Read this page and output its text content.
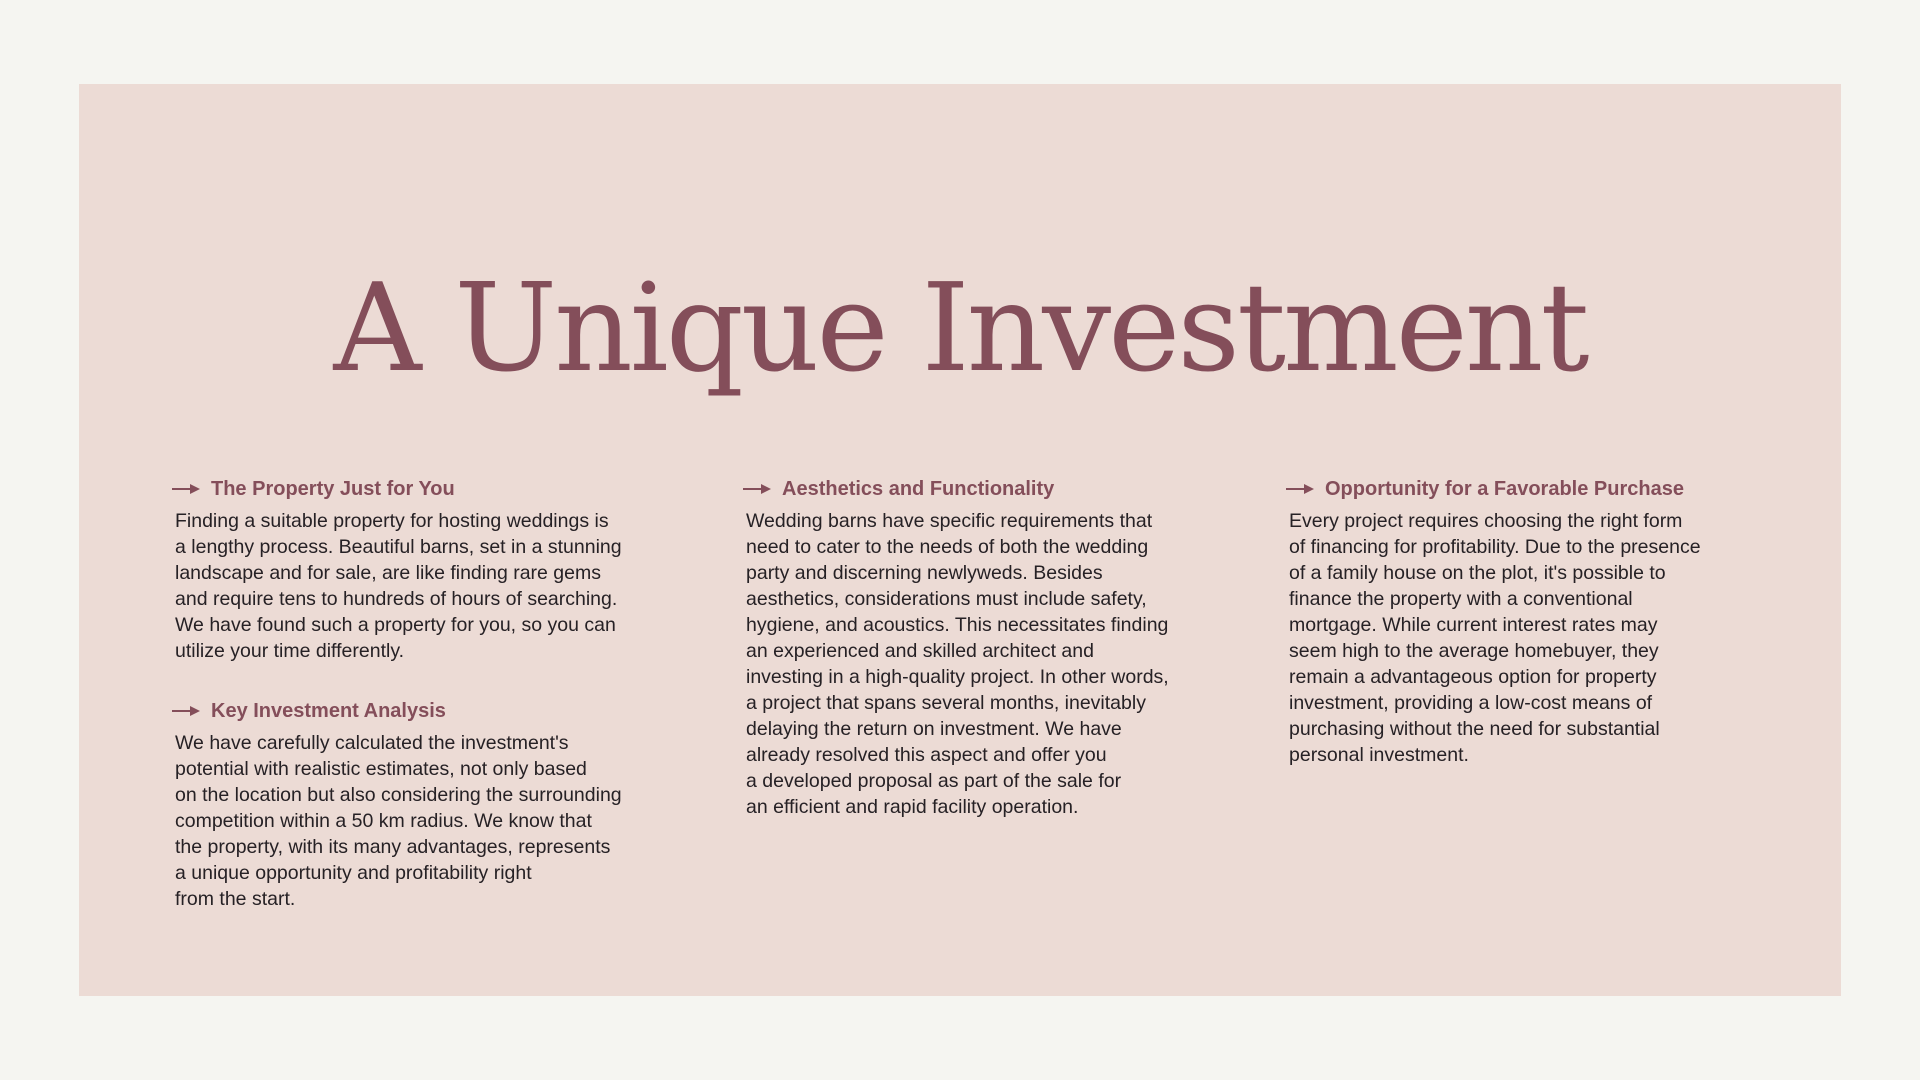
A Unique Investment
The Property Just for You

Finding a suitable property for hosting weddings is
a lengthy process. Beautiful barns, set in a stunning
landscape and for sale, are like finding rare gems
and require tens to hundreds of hours of searching.
We have found such a property for you, so you can
utilize your time differently.

Key Investment Analysis

We have carefully calculated the investment's
potential with realistic estimates, not only based
on the location but also considering the surrounding
competition within a 50 km radius. We know that
the property, with its many advantages, represents
a unique opportunity and profitability right
from the start.

Aesthetics and Functionality

Wedding barns have specific requirements that
need to cater to the needs of both the wedding
party and discerning newlyweds. Besides
aesthetics, considerations must include safety,
hygiene, and acoustics. This necessitates finding
an experienced and skilled architect and
investing in a high-quality project. In other words,
a project that spans several months, inevitably
delaying the return on investment. We have
already resolved this aspect and offer you
a developed proposal as part of the sale for
an efficient and rapid facility operation.

Opportunity for a Favorable Purchase

Every project requires choosing the right form
of financing for profitability. Due to the presence
of a family house on the plot, it's possible to
finance the property with a conventional
mortgage. While current interest rates may
seem high to the average homebuyer, they
remain a advantageous option for property
investment, providing a low-cost means of
purchasing without the need for substantial
personal investment.
